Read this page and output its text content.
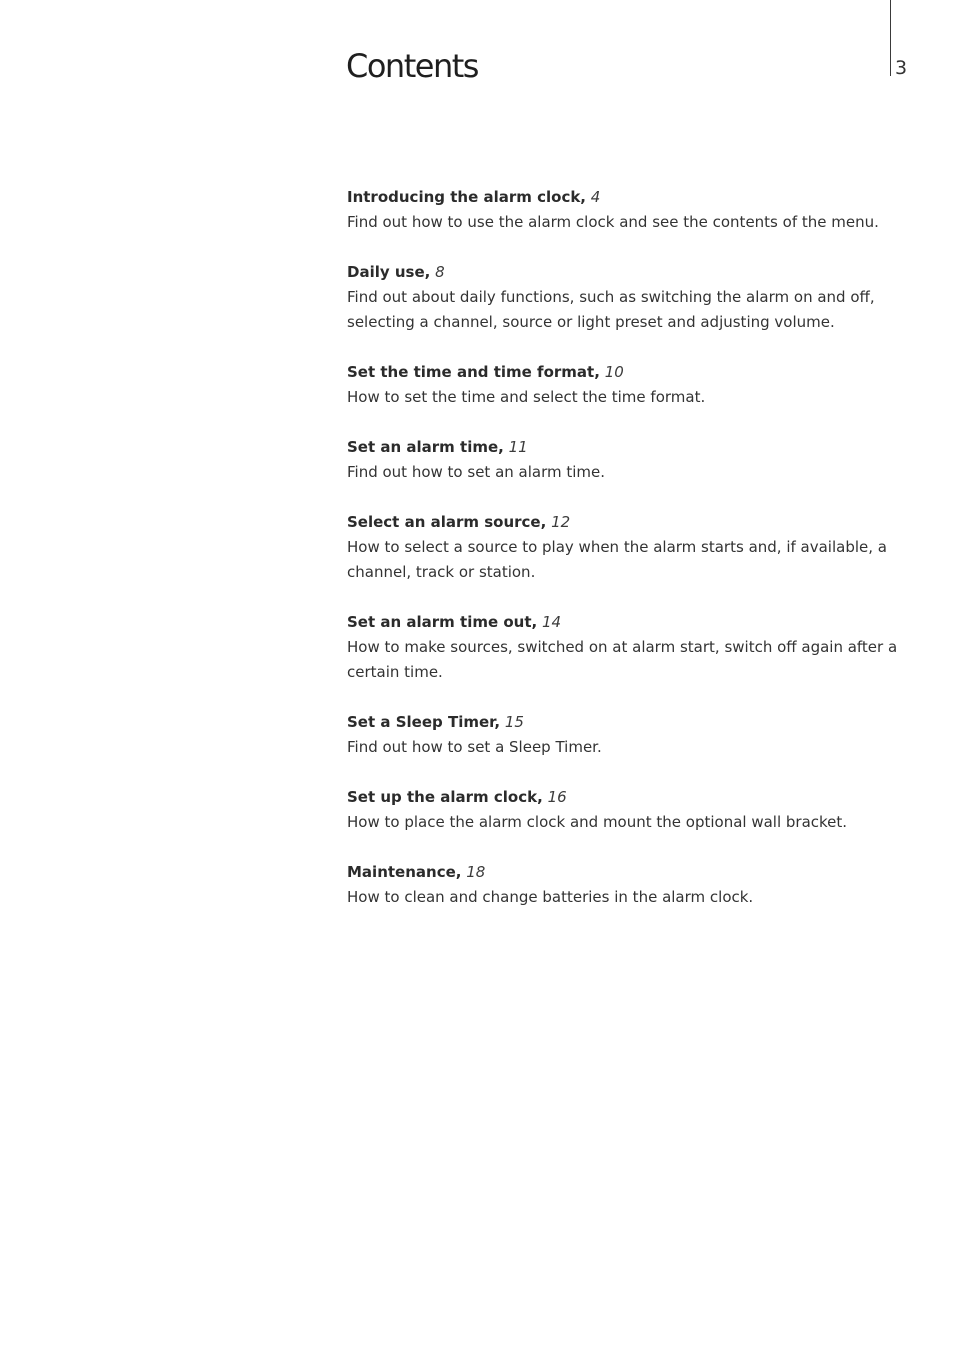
3
Contents
Introducing the alarm clock, 4

Find out how to use the alarm clock and see the contents of the menu.

Daily use, 8

Find out about daily functions, such as switching the alarm on and off, selecting a channel, source or light preset and adjusting volume.

Set the time and time format, 10

How to set the time and select the time format.

Set an alarm time, 11

Find out how to set an alarm time.

Select an alarm source, 12

How to select a source to play when the alarm starts and, if available, a channel, track or station.

Set an alarm time out, 14

How to make sources, switched on at alarm start, switch off again after a certain time.

Set a Sleep Timer, 15

Find out how to set a Sleep Timer.

Set up the alarm clock, 16

How to place the alarm clock and mount the optional wall bracket.

Maintenance, 18

How to clean and change batteries in the alarm clock.
